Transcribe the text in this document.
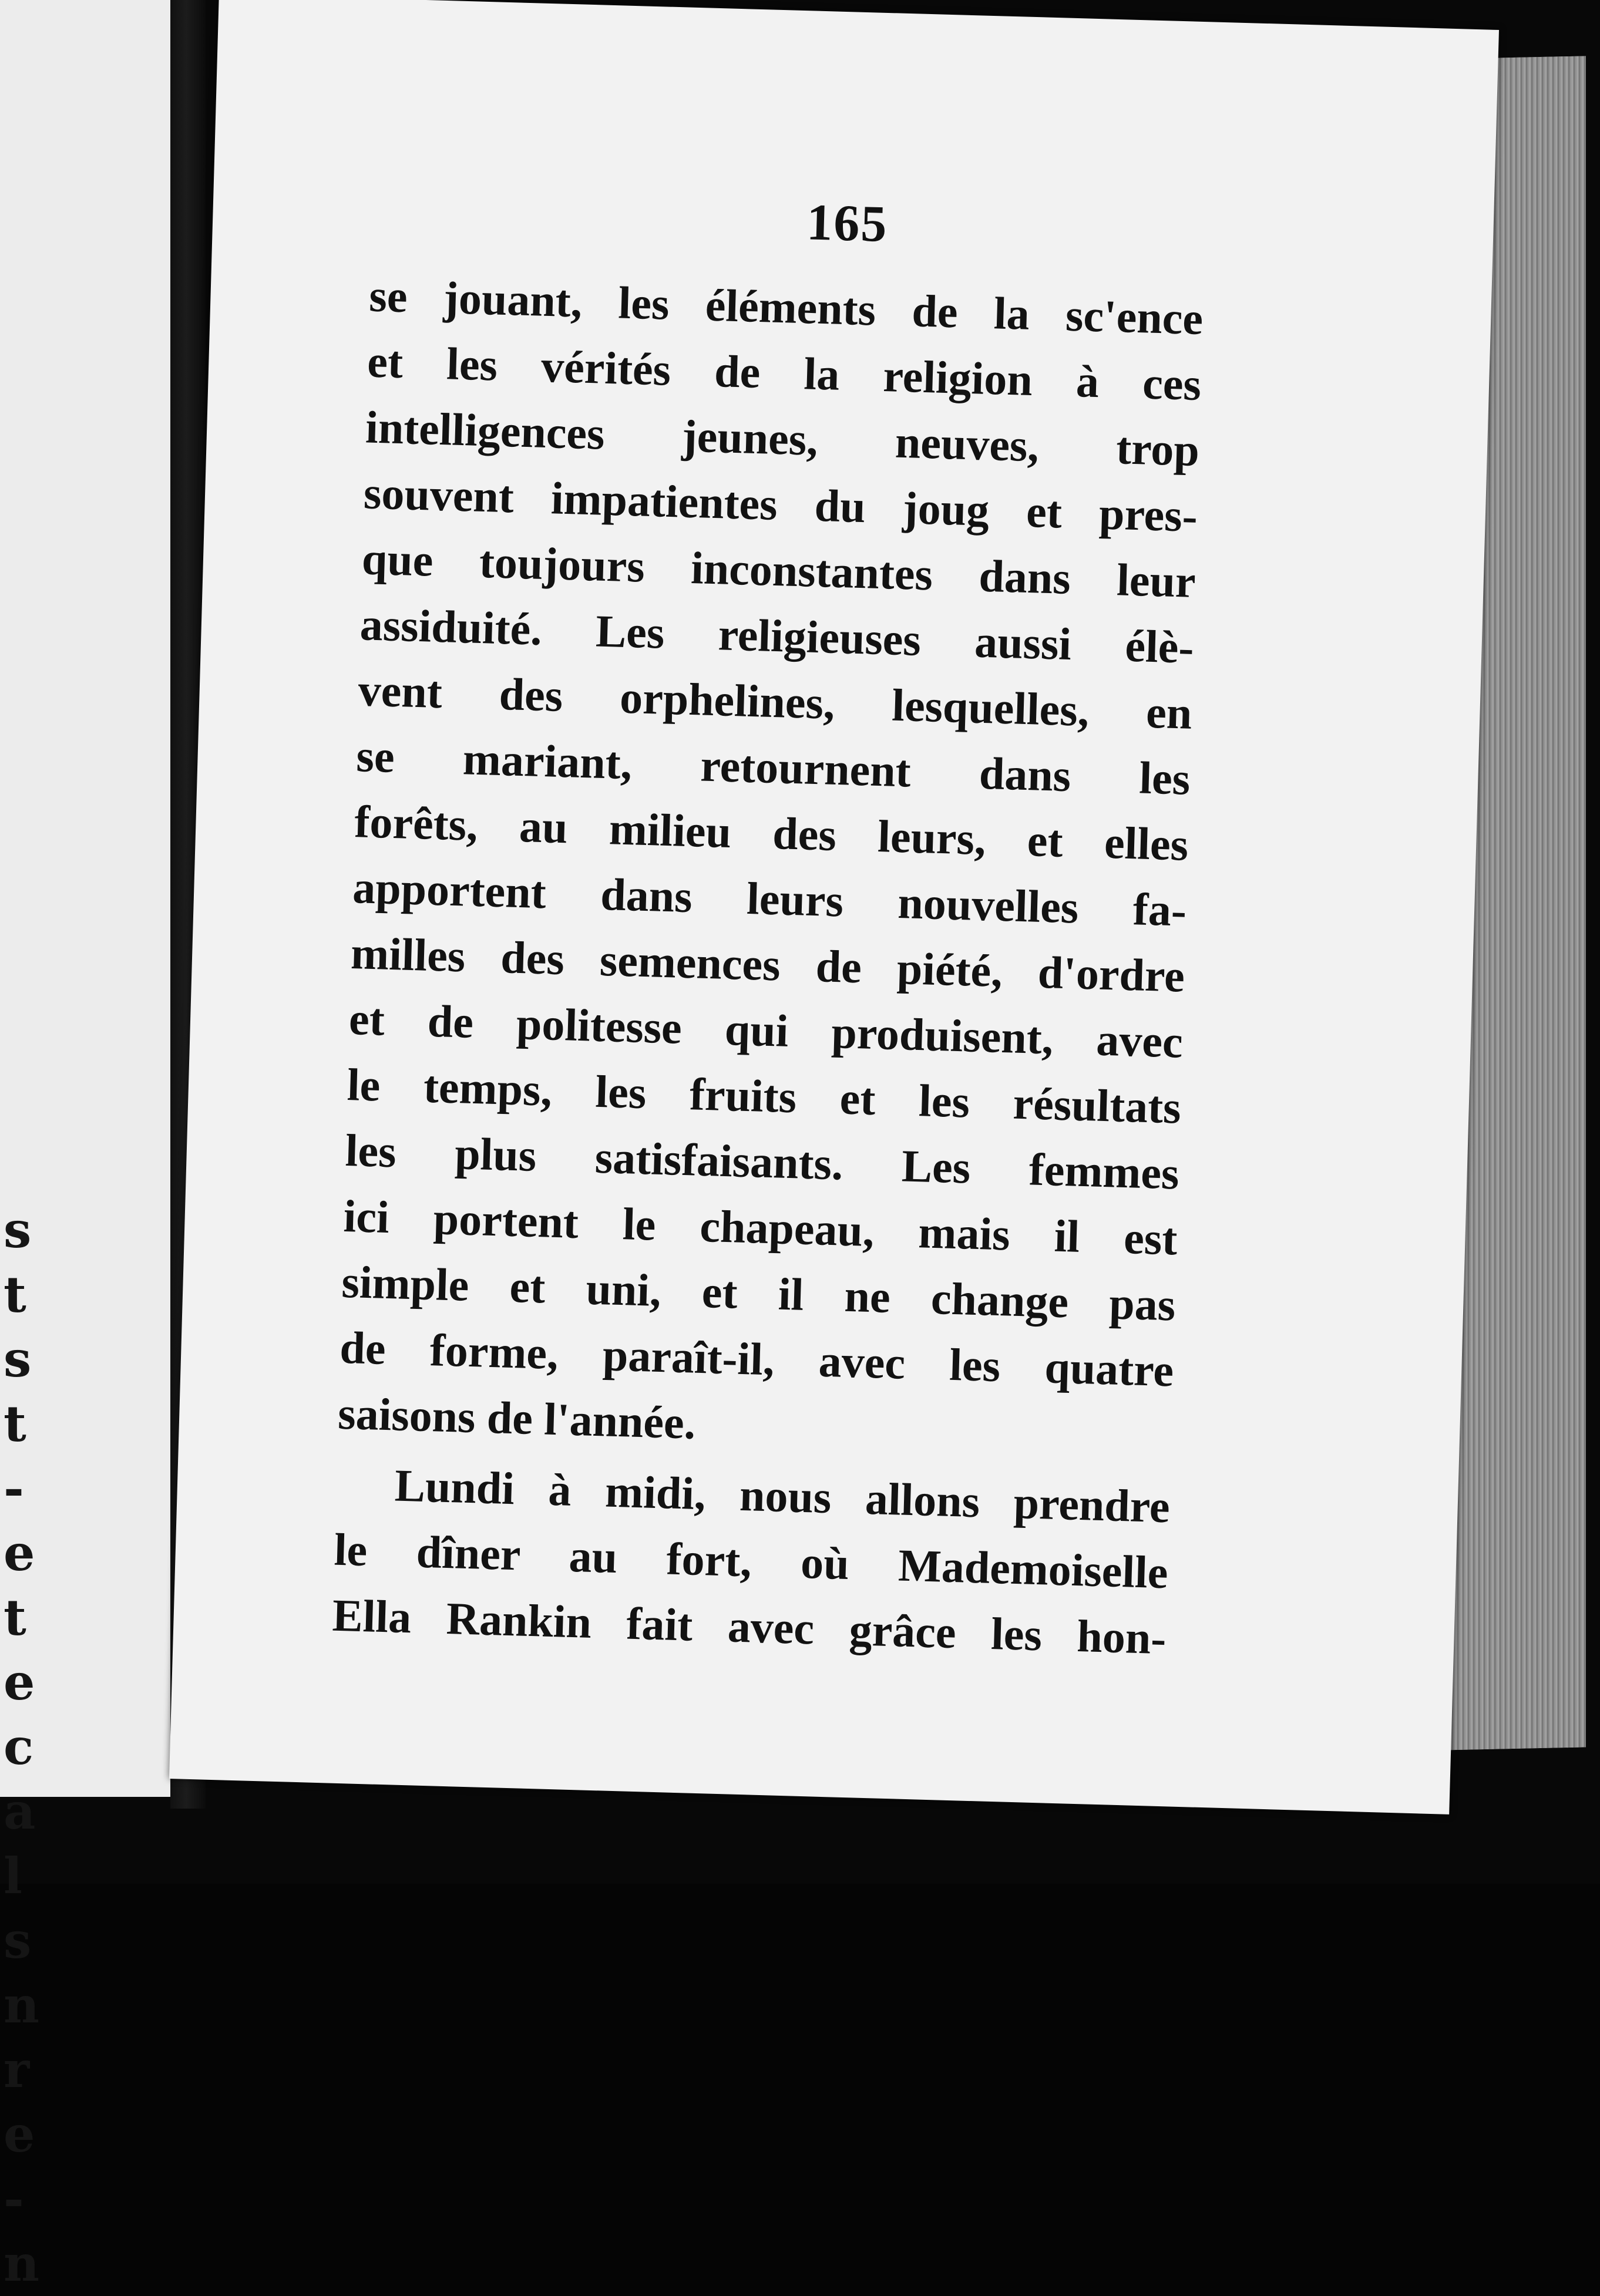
s
t
s
t
-
e
t
e
c
a
l
s
n
r
e
-
n

165

se jouant, les éléments de la sc'ence
et les vérités de la religion à ces
intelligences jeunes, neuves, trop
souvent impatientes du joug et pres-
que toujours inconstantes dans leur
assiduité. Les religieuses aussi élè-
vent des orphelines, lesquelles, en
se mariant, retournent dans les
forêts, au milieu des leurs, et elles
apportent dans leurs nouvelles fa-
milles des semences de piété, d'ordre
et de politesse qui produisent, avec
le temps, les fruits et les résultats
les plus satisfaisants. Les femmes
ici portent le chapeau, mais il est
simple et uni, et il ne change pas
de forme, paraît-il, avec les quatre
saisons de l'année.
Lundi à midi, nous allons prendre
le dîner au fort, où Mademoiselle
Ella Rankin fait avec grâce les hon-
